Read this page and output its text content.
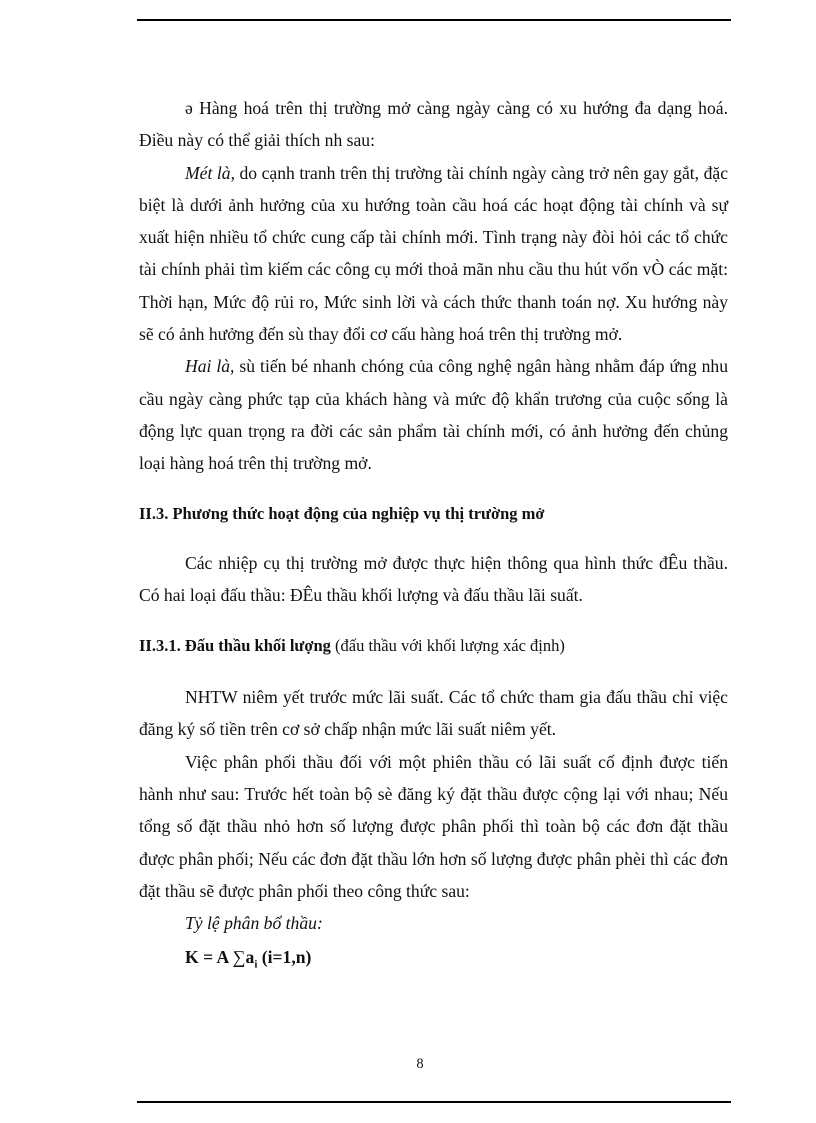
ə Hàng hoá trên thị trường mở càng ngày càng có xu hướng đa dạng hoá. Điều này có thể giải thích nh sau:

Mét là, do cạnh tranh trên thị trường tài chính ngày càng trở nên gay gắt, đặc biệt là dưới ảnh hưởng của xu hướng toàn cầu hoá các hoạt động tài chính và sự xuất hiện nhiều tổ chức cung cấp tài chính mới. Tình trạng này đòi hỏi các tổ chức tài chính phải tìm kiếm các công cụ mới thoả mãn nhu cầu thu hút vốn vÒ các mặt: Thời hạn, Mức độ rủi ro, Mức sinh lời và cách thức thanh toán nợ. Xu hướng này sẽ có ảnh hưởng đến sù thay đổi cơ cấu hàng hoá trên thị trường mở.

Hai là, sù tiến bé nhanh chóng của công nghệ ngân hàng nhằm đáp ứng nhu cầu ngày càng phức tạp của khách hàng và mức độ khẩn trương của cuộc sống là động lực quan trọng ra đời các sản phẩm tài chính mới, có ảnh hưởng đến chủng loại hàng hoá trên thị trường mở.

II.3. Phương thức hoạt động của nghiệp vụ thị trường mở

Các nhiệp cụ thị trường mở được thực hiện thông qua hình thức đÊu thầu. Có hai loại đấu thầu: ĐÊu thầu khối lượng và đấu thầu lãi suất.

II.3.1. Đấu thầu khối lượng (đấu thầu với khối lượng xác định)

NHTW niêm yết trước mức lãi suất. Các tổ chức tham gia đấu thầu chỉ việc đăng ký số tiền trên cơ sở chấp nhận mức lãi suất niêm yết.

Việc phân phối thầu đối với một phiên thầu có lãi suất cố định được tiến hành như sau: Trước hết toàn bộ sè đăng ký đặt thầu được cộng lại với nhau; Nếu tổng số đặt thầu nhỏ hơn số lượng được phân phối thì toàn bộ các đơn đặt thầu được phân phối; Nếu các đơn đặt thầu lớn hơn số lượng được phân phèi thì các đơn đặt thầu sẽ được phân phối theo công thức sau:

Tỷ lệ phân bổ thầu:

K = A $\sum a_i$ (i=1,n)

8
